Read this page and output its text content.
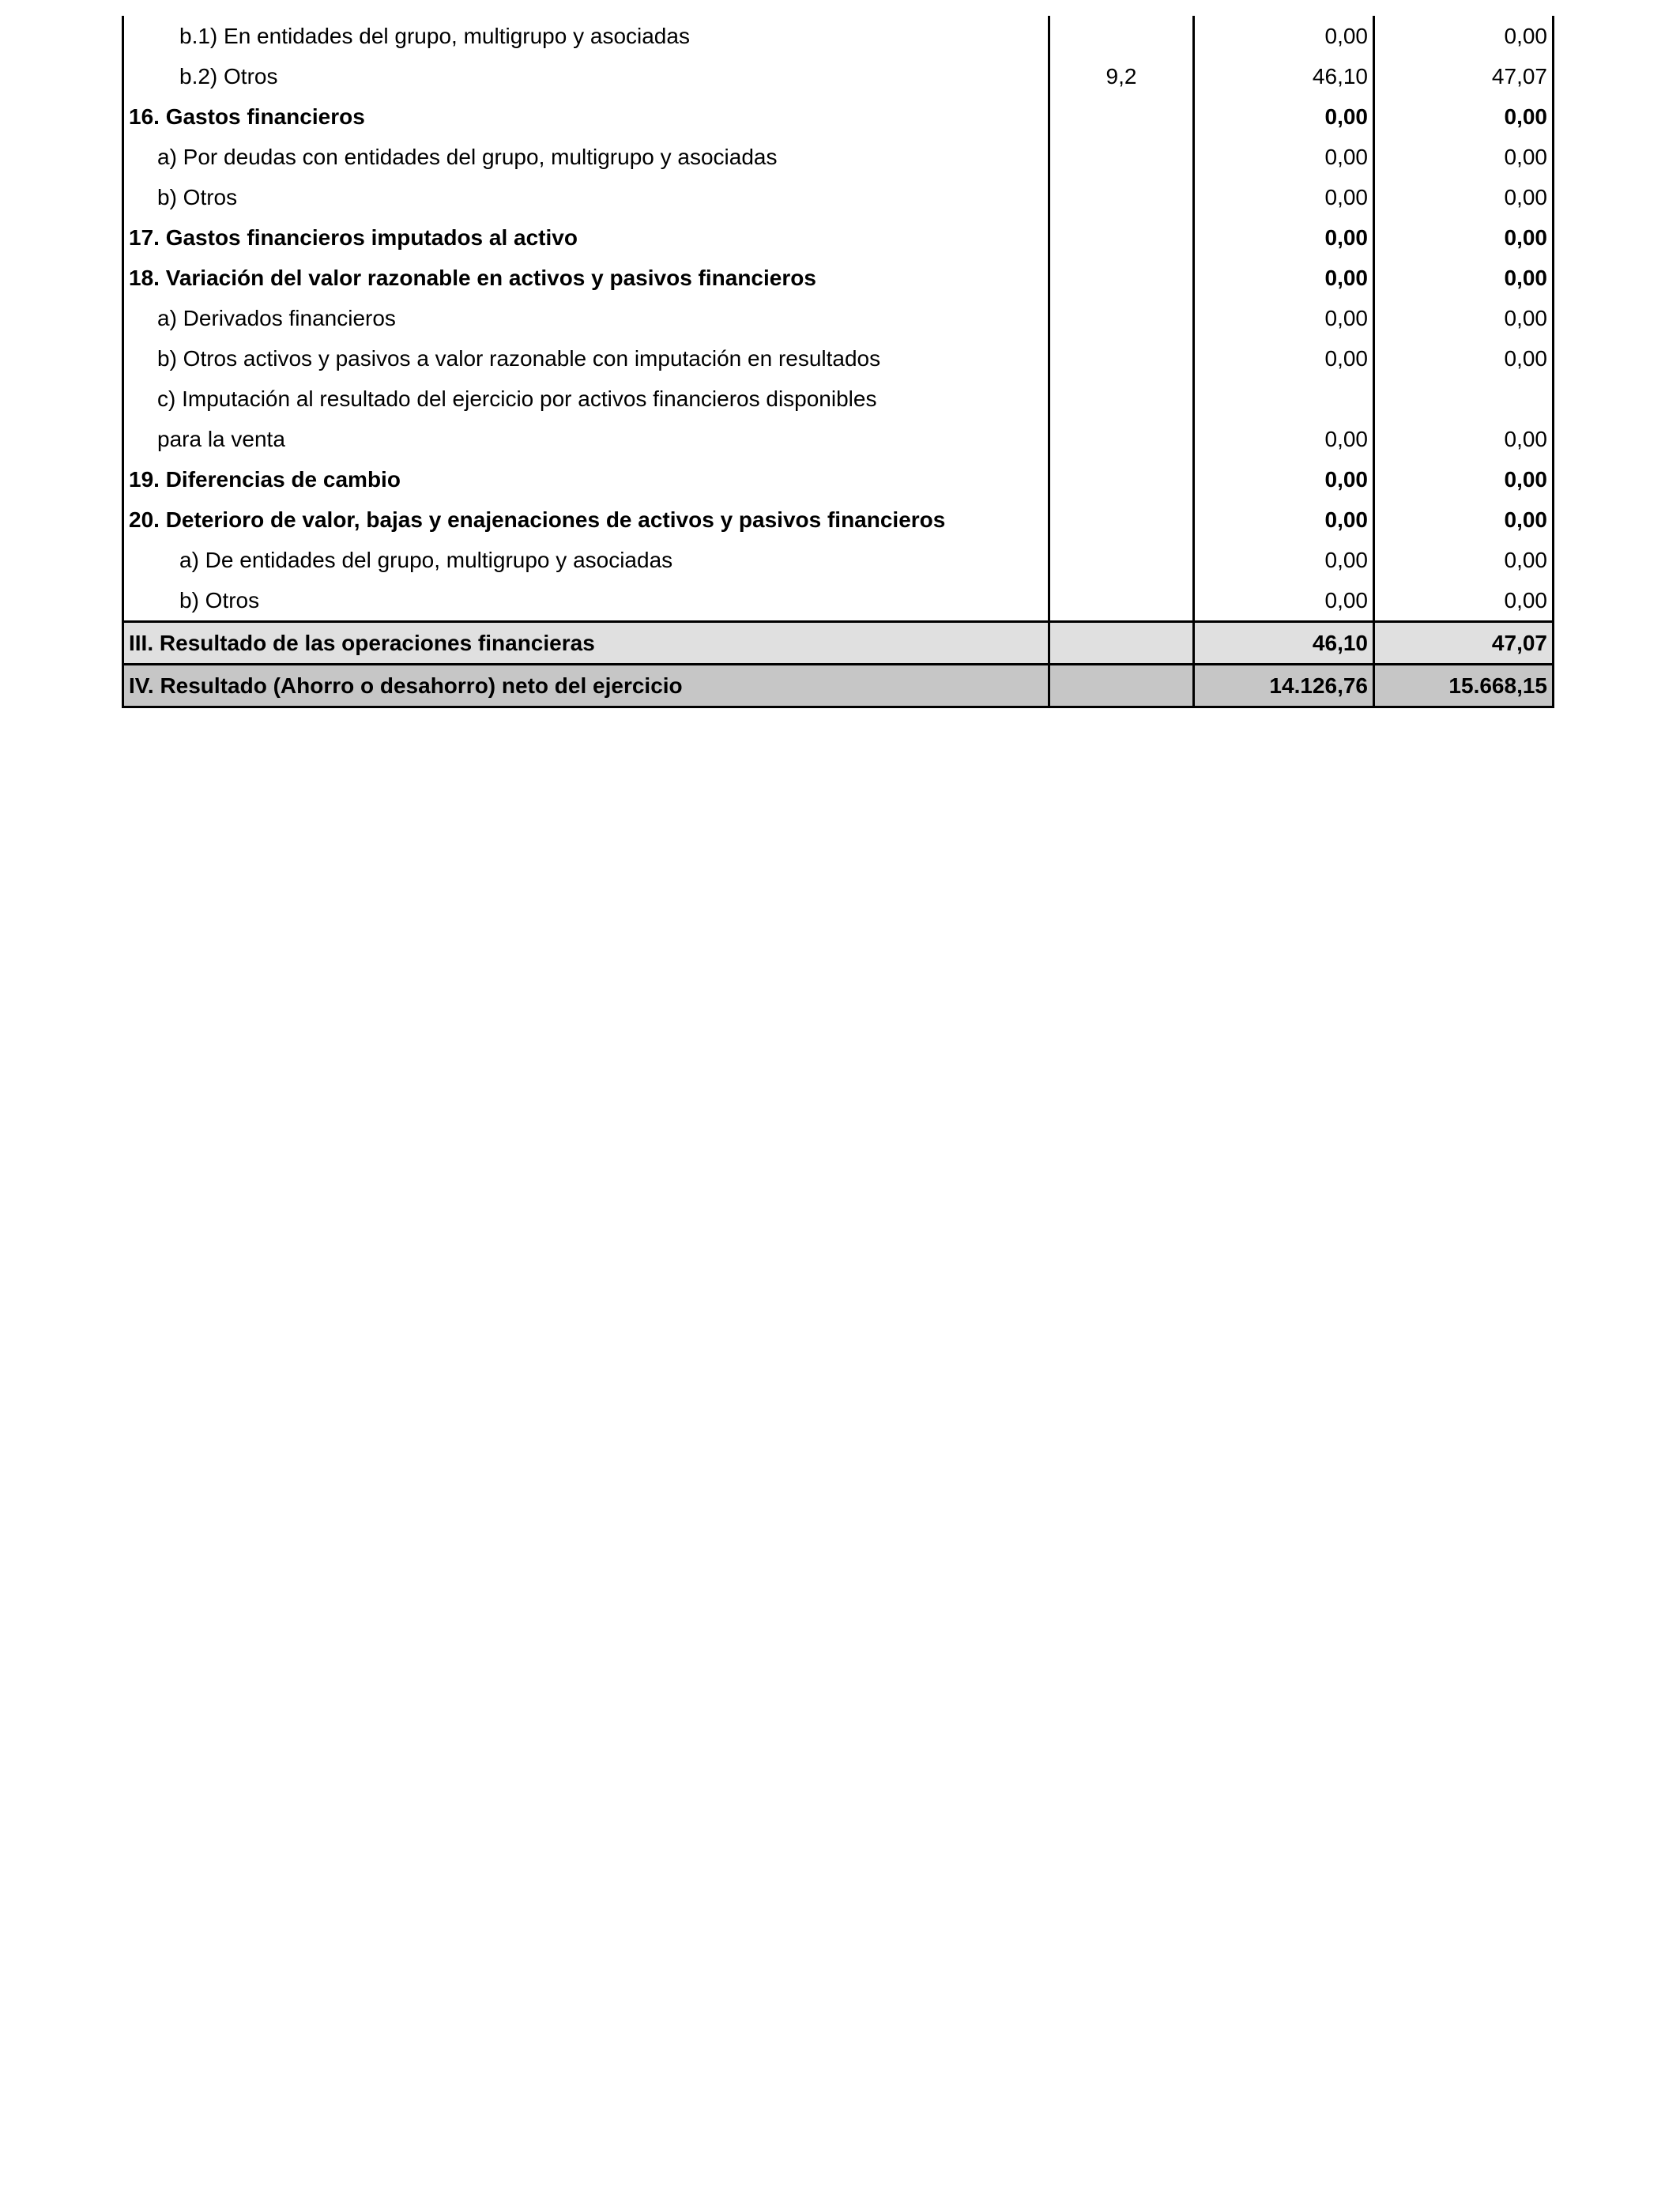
b.1) En entidades del grupo, multigrupo y asociadas		0,00	0,00
b.2) Otros	9,2	46,10	47,07
16. Gastos financieros		0,00	0,00
a) Por deudas con entidades del grupo, multigrupo y asociadas		0,00	0,00
b) Otros		0,00	0,00
17. Gastos financieros imputados al activo		0,00	0,00
18. Variación del valor razonable en activos y pasivos financieros		0,00	0,00
a) Derivados financieros		0,00	0,00
b) Otros activos y pasivos a valor razonable con imputación en resultados		0,00	0,00
c) Imputación al resultado del ejercicio por activos financieros disponibles			
para la venta		0,00	0,00
19. Diferencias de cambio		0,00	0,00
20. Deterioro de valor, bajas y enajenaciones de activos y pasivos financieros		0,00	0,00
a) De entidades del grupo, multigrupo y asociadas		0,00	0,00
b) Otros		0,00	0,00
III. Resultado de las operaciones financieras		46,10	47,07
IV. Resultado (Ahorro o desahorro) neto del ejercicio		14.126,76	15.668,15
